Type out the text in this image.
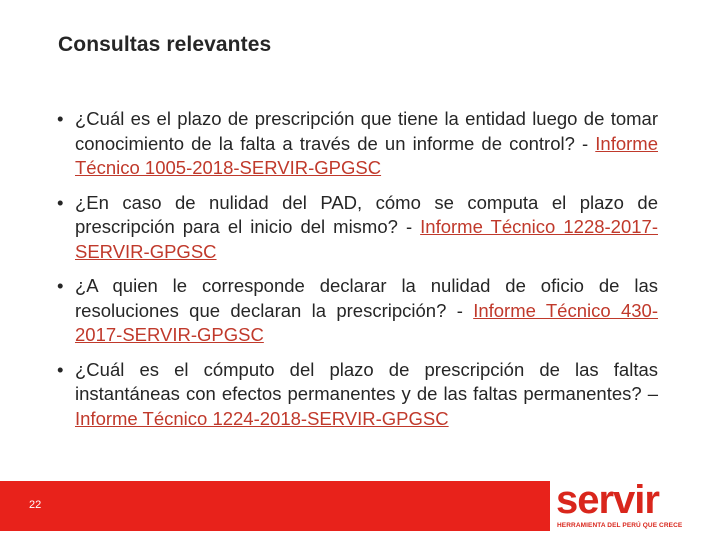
Consultas relevantes
• ¿Cuál es el plazo de prescripción que tiene la entidad luego de tomar conocimiento de la falta a través de un informe de control? - Informe Técnico 1005-2018-SERVIR-GPGSC
• ¿En caso de nulidad del PAD, cómo se computa el plazo de prescripción para el inicio del mismo? - Informe Técnico 1228-2017-SERVIR-GPGSC
• ¿A quien le corresponde declarar la nulidad de oficio de las resoluciones que declaran la prescripción? - Informe Técnico 430-2017-SERVIR-GPGSC
• ¿Cuál es el cómputo del plazo de prescripción de las faltas instantáneas con efectos permanentes y de las faltas permanentes? – Informe Técnico 1224-2018-SERVIR-GPGSC
22	servir
HERRAMIENTA DEL PERÚ QUE CRECE
